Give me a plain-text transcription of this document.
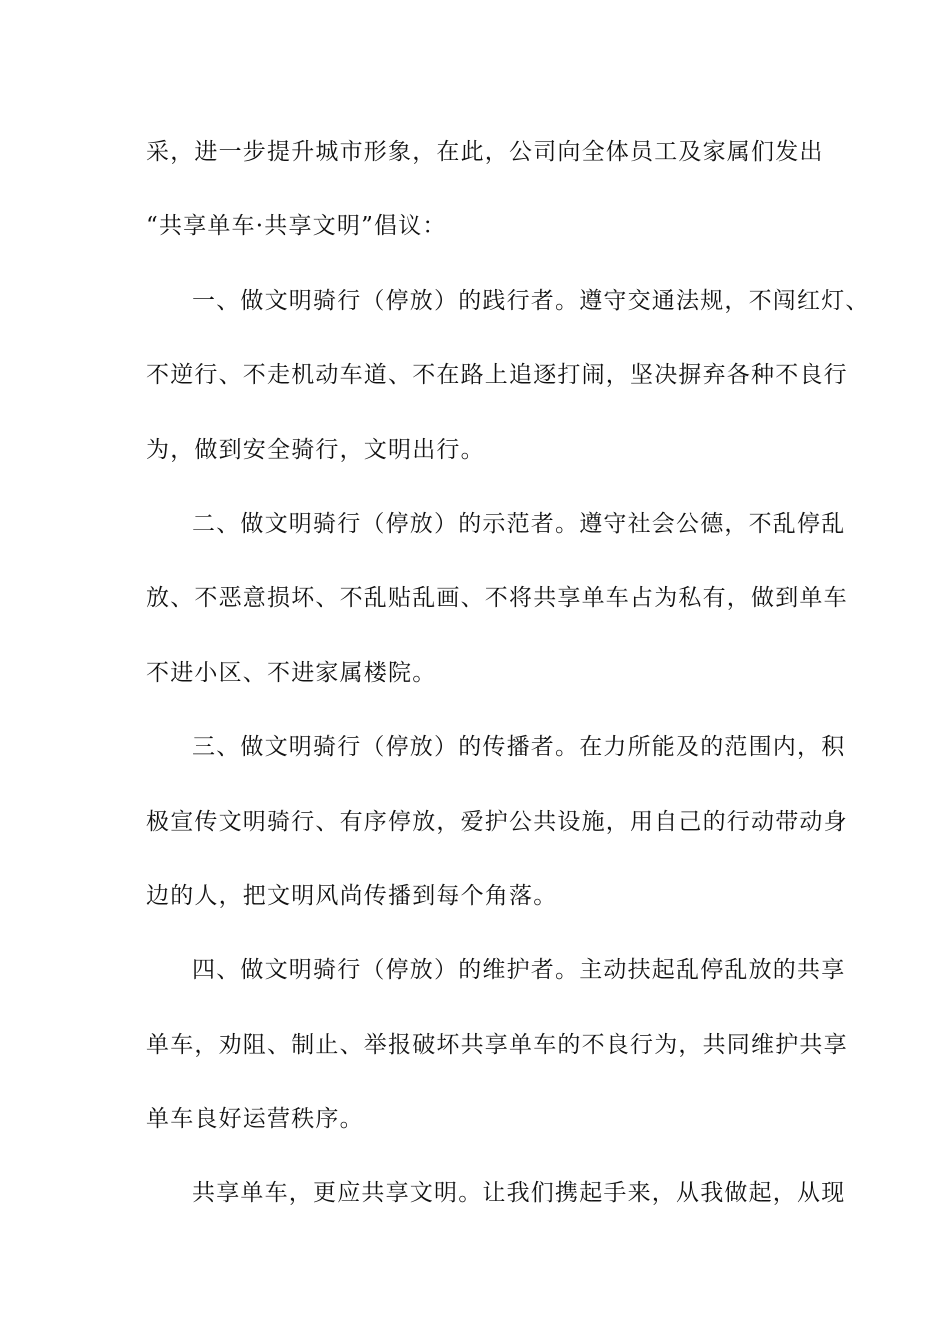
采，进一步提升城市形象，在此，公司向全体员工及家属们发出
“共享单车·共享文明”倡议：
一、做文明骑行（停放）的践行者。遵守交通法规，不闯红灯、
不逆行、不走机动车道、不在路上追逐打闹，坚决摒弃各种不良行
为，做到安全骑行，文明出行。
二、做文明骑行（停放）的示范者。遵守社会公德，不乱停乱
放、不恶意损坏、不乱贴乱画、不将共享单车占为私有，做到单车
不进小区、不进家属楼院。
三、做文明骑行（停放）的传播者。在力所能及的范围内，积
极宣传文明骑行、有序停放，爱护公共设施，用自己的行动带动身
边的人，把文明风尚传播到每个角落。
四、做文明骑行（停放）的维护者。主动扶起乱停乱放的共享
单车，劝阻、制止、举报破坏共享单车的不良行为，共同维护共享
单车良好运营秩序。
共享单车，更应共享文明。让我们携起手来，从我做起，从现
